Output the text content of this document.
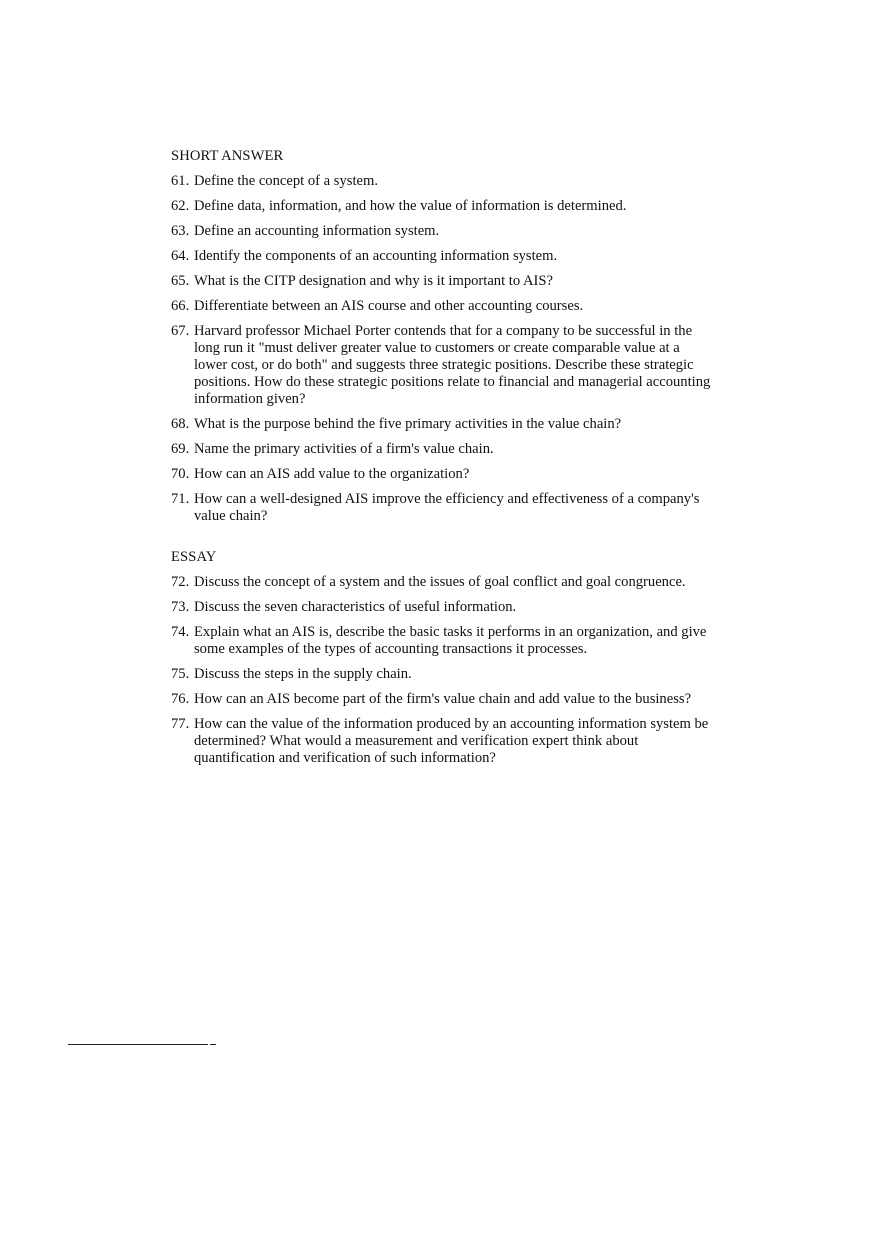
SHORT ANSWER
61. Define the concept of a system.
62. Define data, information, and how the value of information is determined.
63. Define an accounting information system.
64. Identify the components of an accounting information system.
65. What is the CITP designation and why is it important to AIS?
66. Differentiate between an AIS course and other accounting courses.
67. Harvard professor Michael Porter contends that for a company to be successful in the long run it "must deliver greater value to customers or create comparable value at a lower cost, or do both" and suggests three strategic positions. Describe these strategic positions. How do these strategic positions relate to financial and managerial accounting information given?
68. What is the purpose behind the five primary activities in the value chain?
69. Name the primary activities of a firm's value chain.
70. How can an AIS add value to the organization?
71. How can a well-designed AIS improve the efficiency and effectiveness of a company's value chain?
ESSAY
72. Discuss the concept of a system and the issues of goal conflict and goal congruence.
73. Discuss the seven characteristics of useful information.
74. Explain what an AIS is, describe the basic tasks it performs in an organization, and give some examples of the types of accounting transactions it processes.
75. Discuss the steps in the supply chain.
76. How can an AIS become part of the firm's value chain and add value to the business?
77. How can the value of the information produced by an accounting information system be determined? What would a measurement and verification expert think about quantification and verification of such information?
